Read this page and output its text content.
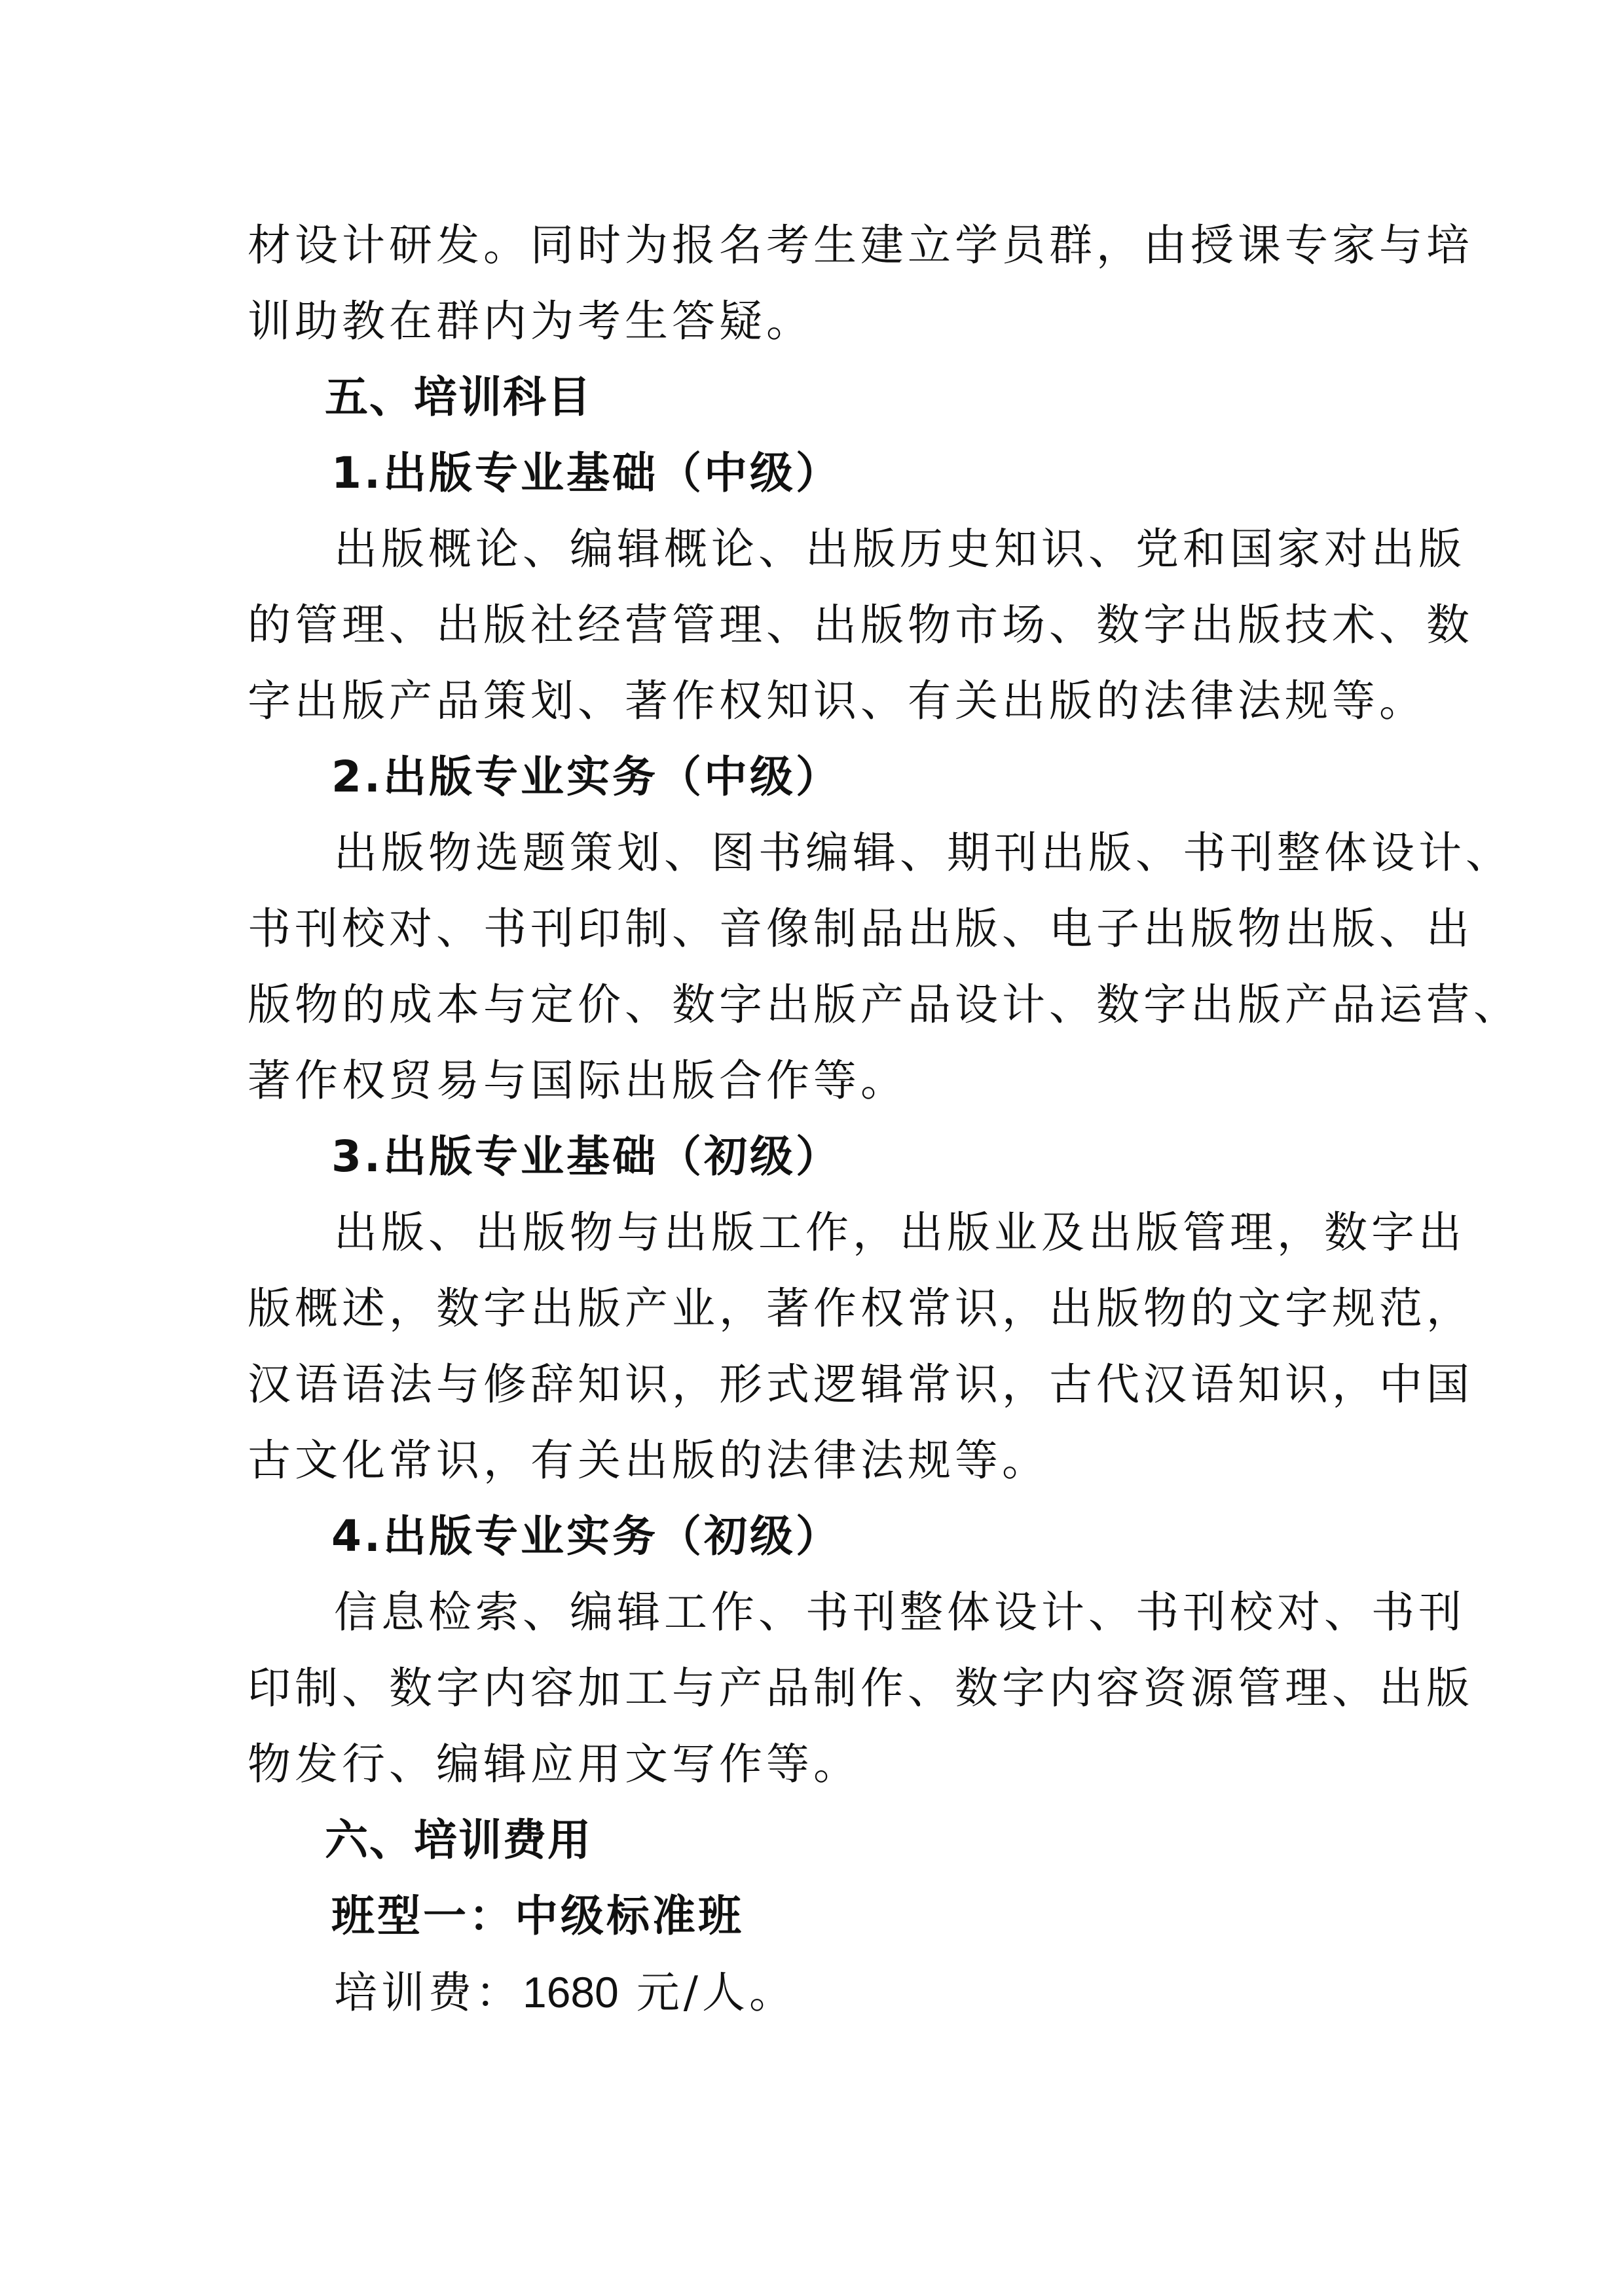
材设计研发。同时为报名考生建立学员群，由授课专家与培
训助教在群内为考生答疑。
五、培训科目
1.出版专业基础（中级）
出版概论、编辑概论、出版历史知识、党和国家对出版
的管理、出版社经营管理、出版物市场、数字出版技术、数
字出版产品策划、著作权知识、有关出版的法律法规等。
2.出版专业实务（中级）
出版物选题策划、图书编辑、期刊出版、书刊整体设计、
书刊校对、书刊印制、音像制品出版、电子出版物出版、出
版物的成本与定价、数字出版产品设计、数字出版产品运营、
著作权贸易与国际出版合作等。
3.出版专业基础（初级）
出版、出版物与出版工作，出版业及出版管理，数字出
版概述，数字出版产业，著作权常识，出版物的文字规范，
汉语语法与修辞知识，形式逻辑常识，古代汉语知识，中国
古文化常识，有关出版的法律法规等。
4.出版专业实务（初级）
信息检索、编辑工作、书刊整体设计、书刊校对、书刊
印制、数字内容加工与产品制作、数字内容资源管理、出版
物发行、编辑应用文写作等。
六、培训费用
班型一：中级标准班
培训费：1680 元/人。
